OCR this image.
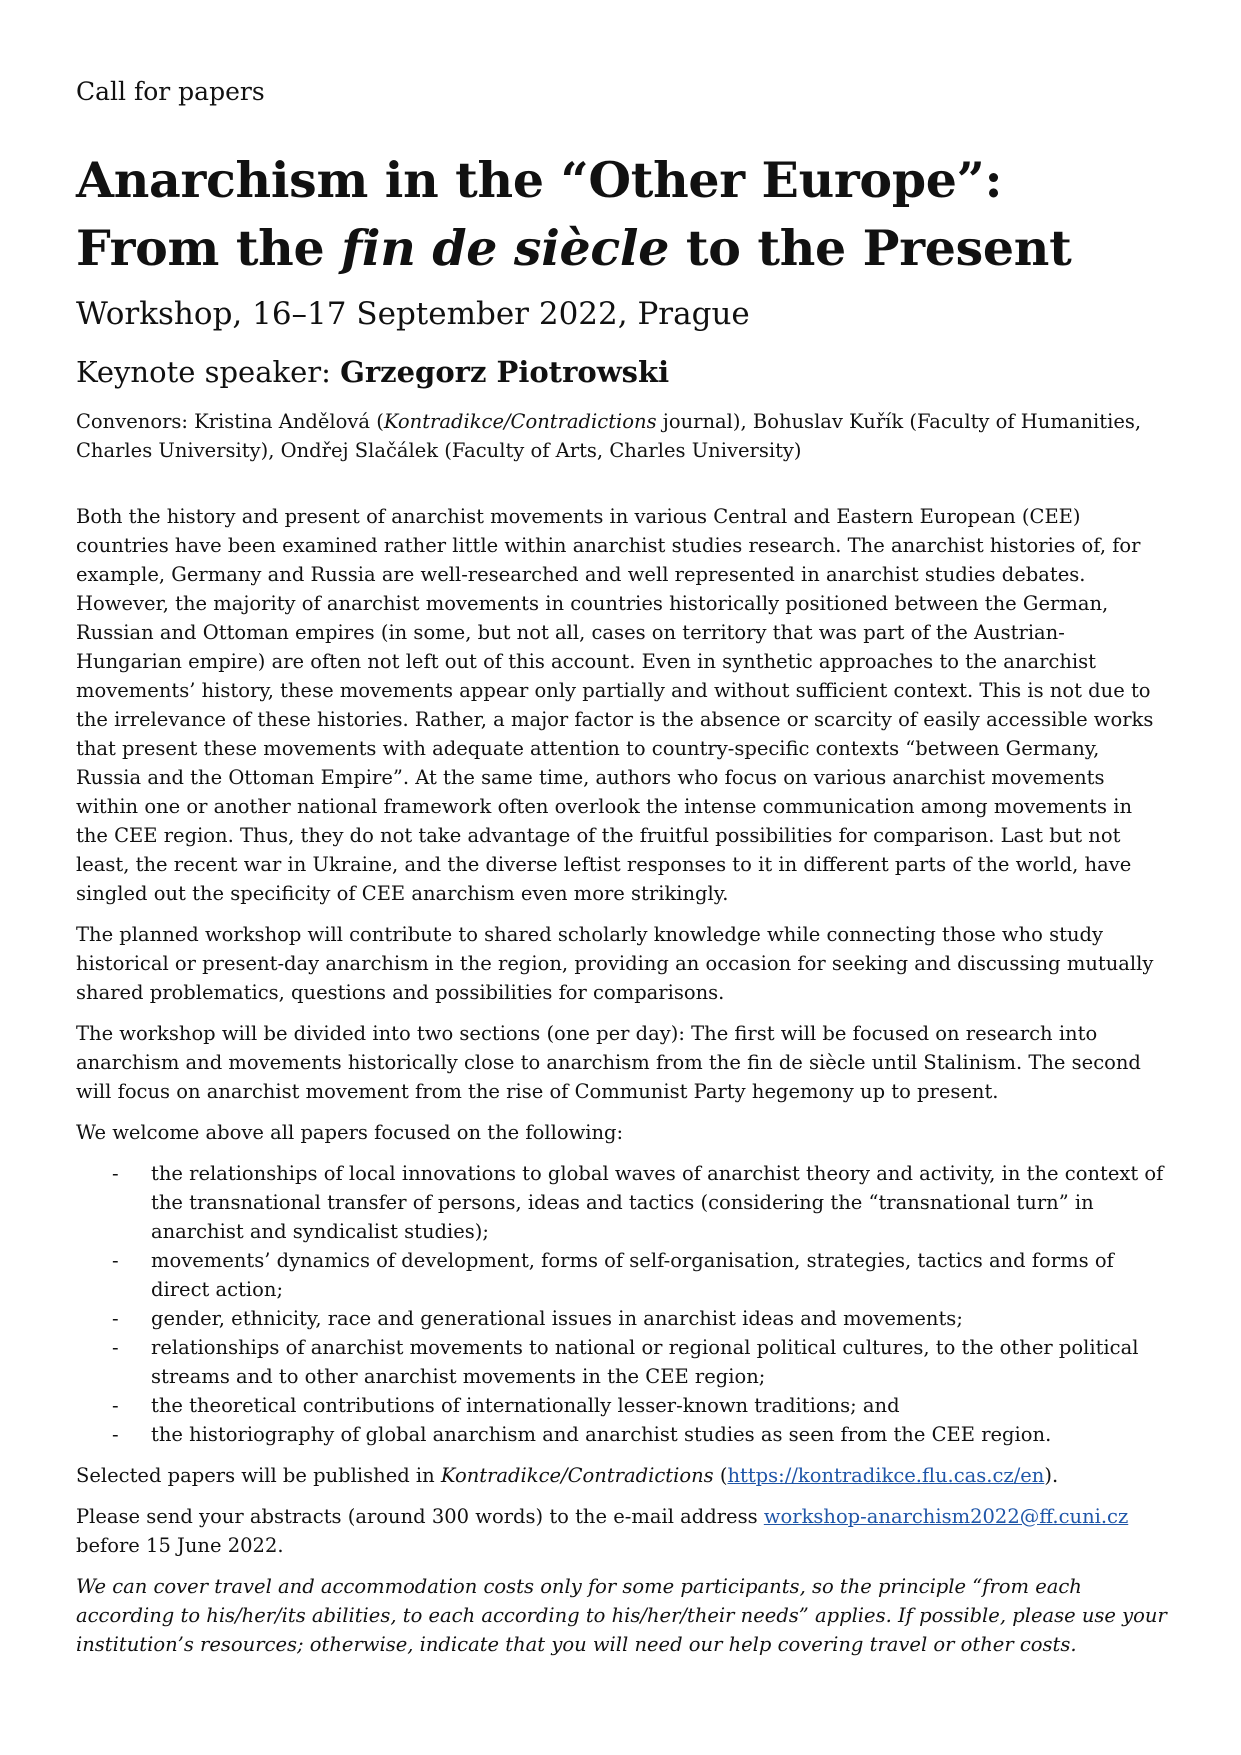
Call for papers
Anarchism in the “Other Europe”:
From the fin de siècle to the Present
Workshop, 16–17 September 2022, Prague
Keynote speaker: Grzegorz Piotrowski
Convenors: Kristina Andělová (Kontradikce/Contradictions journal), Bohuslav Kuřík (Faculty of Humanities, Charles University), Ondřej Slačálek (Faculty of Arts, Charles University)

Both the history and present of anarchist movements in various Central and Eastern European (CEE) countries have been examined rather little within anarchist studies research. The anarchist histories of, for example, Germany and Russia are well-researched and well represented in anarchist studies debates. However, the majority of anarchist movements in countries historically positioned between the German, Russian and Ottoman empires (in some, but not all, cases on territory that was part of the Austrian-Hungarian empire) are often not left out of this account. Even in synthetic approaches to the anarchist movements’ history, these movements appear only partially and without sufficient context. This is not due to the irrelevance of these histories. Rather, a major factor is the absence or scarcity of easily accessible works that present these movements with adequate attention to country-specific contexts “between Germany, Russia and the Ottoman Empire”. At the same time, authors who focus on various anarchist movements within one or another national framework often overlook the intense communication among movements in the CEE region. Thus, they do not take advantage of the fruitful possibilities for comparison. Last but not least, the recent war in Ukraine, and the diverse leftist responses to it in different parts of the world, have singled out the specificity of CEE anarchism even more strikingly.

The planned workshop will contribute to shared scholarly knowledge while connecting those who study historical or present-day anarchism in the region, providing an occasion for seeking and discussing mutually shared problematics, questions and possibilities for comparisons.

The workshop will be divided into two sections (one per day): The first will be focused on research into anarchism and movements historically close to anarchism from the fin de siècle until Stalinism. The second will focus on anarchist movement from the rise of Communist Party hegemony up to present.

We welcome above all papers focused on the following:

- the relationships of local innovations to global waves of anarchist theory and activity, in the context of the transnational transfer of persons, ideas and tactics (considering the “transnational turn” in anarchist and syndicalist studies);
- movements’ dynamics of development, forms of self-organisation, strategies, tactics and forms of direct action;
- gender, ethnicity, race and generational issues in anarchist ideas and movements;
- relationships of anarchist movements to national or regional political cultures, to the other political streams and to other anarchist movements in the CEE region;
- the theoretical contributions of internationally lesser-known traditions; and
- the historiography of global anarchism and anarchist studies as seen from the CEE region.

Selected papers will be published in Kontradikce/Contradictions (https://kontradikce.flu.cas.cz/en).

Please send your abstracts (around 300 words) to the e-mail address workshop-anarchism2022@ff.cuni.cz before 15 June 2022.

We can cover travel and accommodation costs only for some participants, so the principle “from each according to his/her/its abilities, to each according to his/her/their needs” applies. If possible, please use your institution’s resources; otherwise, indicate that you will need our help covering travel or other costs.
